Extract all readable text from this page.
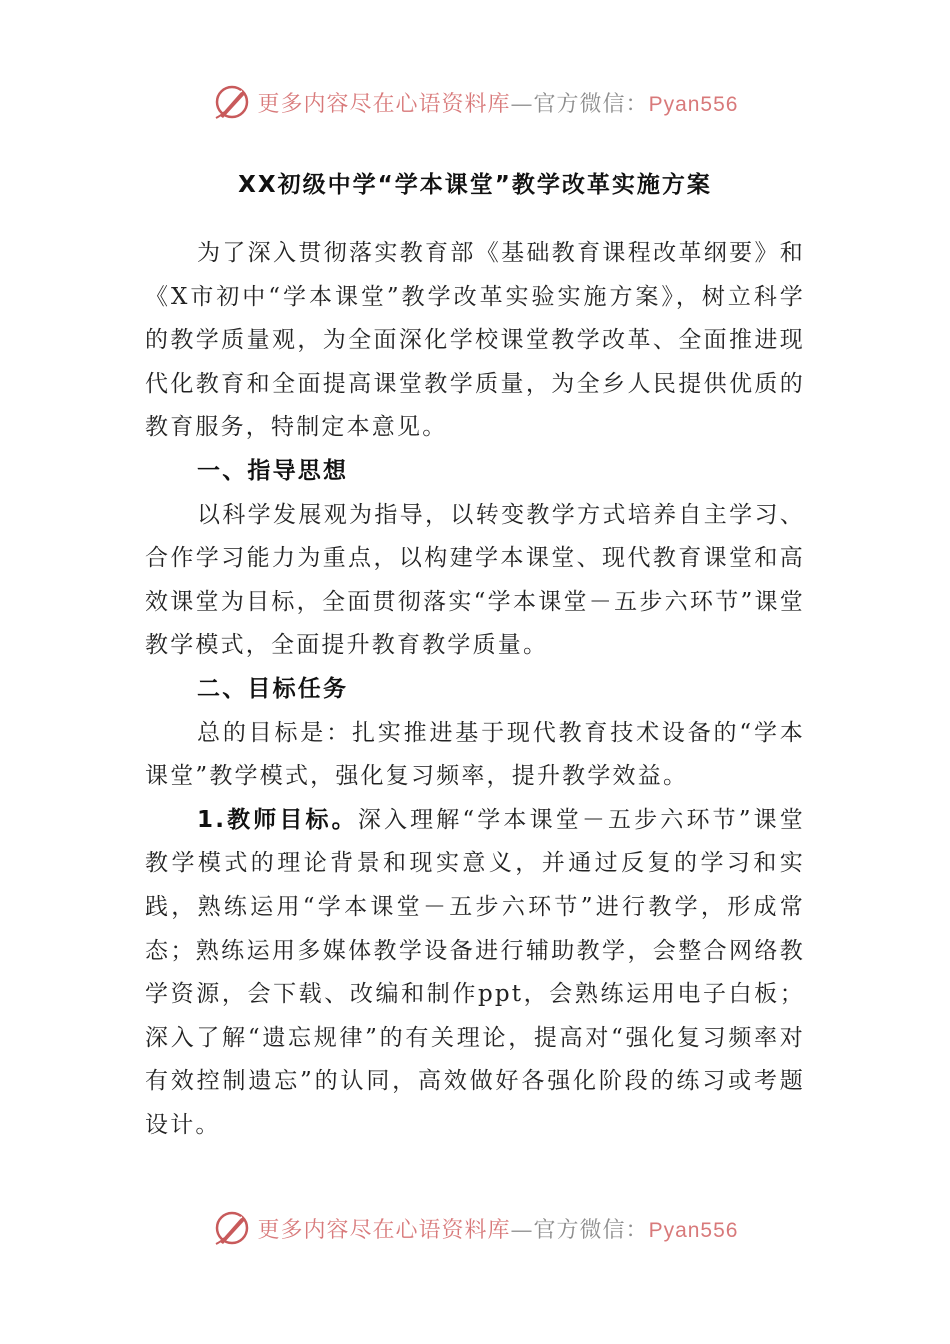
更多内容尽在心语资料库—官方微信：Pyan556
XX初级中学“学本课堂”教学改革实施方案

为了深入贯彻落实教育部《基础教育课程改革纲要》和《X市初中“学本课堂”教学改革实验实施方案》，树立科学的教学质量观，为全面深化学校课堂教学改革、全面推进现代化教育和全面提高课堂教学质量，为全乡人民提供优质的教育服务，特制定本意见。

一、指导思想

以科学发展观为指导，以转变教学方式培养自主学习、合作学习能力为重点，以构建学本课堂、现代教育课堂和高效课堂为目标，全面贯彻落实“学本课堂－五步六环节”课堂教学模式，全面提升教育教学质量。

二、目标任务

总的目标是：扎实推进基于现代教育技术设备的“学本课堂”教学模式，强化复习频率，提升教学效益。

1.教师目标。深入理解“学本课堂－五步六环节”课堂教学模式的理论背景和现实意义，并通过反复的学习和实践，熟练运用“学本课堂－五步六环节”进行教学，形成常态；熟练运用多媒体教学设备进行辅助教学，会整合网络教学资源，会下载、改编和制作ppt，会熟练运用电子白板；深入了解“遗忘规律”的有关理论，提高对“强化复习频率对有效控制遗忘”的认同，高效做好各强化阶段的练习或考题设计。

更多内容尽在心语资料库—官方微信：Pyan556
